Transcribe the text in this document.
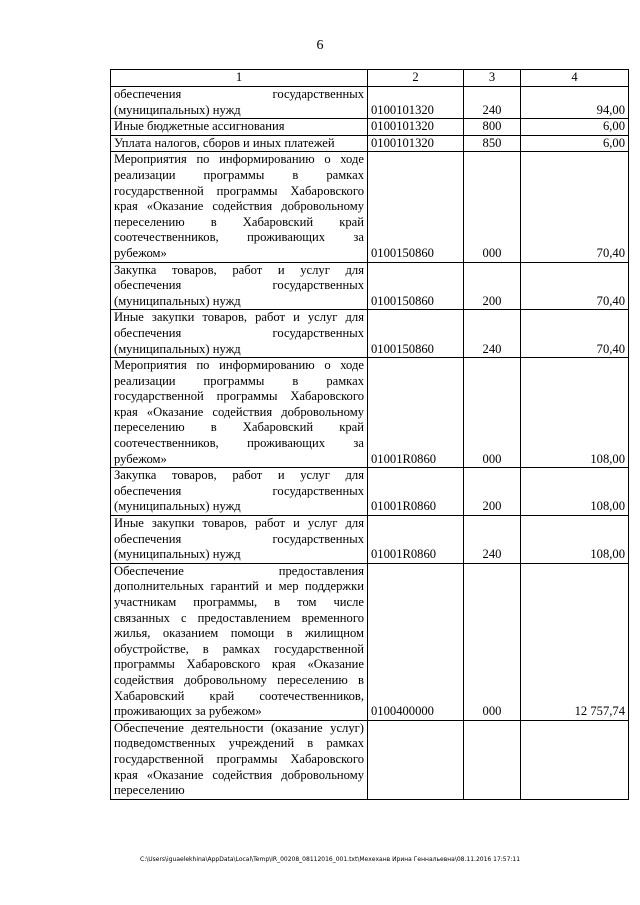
6
1	2	3	4
обеспечения государственных (муниципальных) нужд	0100101320	240	94,00
Иные бюджетные ассигнования	0100101320	800	6,00
Уплата налогов, сборов и иных платежей	0100101320	850	6,00
Мероприятия по информированию о ходе реализации программы в рамках государственной программы Хабаровского края «Оказание содействия добровольному переселению в Хабаровский край соотечественников, проживающих за рубежом»	0100150860	000	70,40
Закупка товаров, работ и услуг для обеспечения государственных (муниципальных) нужд	0100150860	200	70,40
Иные закупки товаров, работ и услуг для обеспечения государственных (муниципальных) нужд	0100150860	240	70,40
Мероприятия по информированию о ходе реализации программы в рамках государственной программы Хабаровского края «Оказание содействия добровольному переселению в Хабаровский край соотечественников, проживающих за рубежом»	01001R0860	000	108,00
Закупка товаров, работ и услуг для обеспечения государственных (муниципальных) нужд	01001R0860	200	108,00
Иные закупки товаров, работ и услуг для обеспечения государственных (муниципальных) нужд	01001R0860	240	108,00
Обеспечение предоставления дополнительных гарантий и мер поддержки участникам программы, в том числе связанных с предоставлением временного жилья, оказанием помощи в жилищном обустройстве, в рамках государственной программы Хабаровского края «Оказание содействия добровольному переселению в Хабаровский край соотечественников, проживающих за рубежом»	0100400000	000	12 757,74
Обеспечение деятельности (оказание услуг) подведомственных учреждений в рамках государственной программы Хабаровского края «Оказание содействия добровольному переселению			
C:\Users\iguaelekhina\AppData\Local\Temp\IR_00208_08112016_001.txt\Мехеханв Ирина Геннальевна\08.11.2016 17:57:11
